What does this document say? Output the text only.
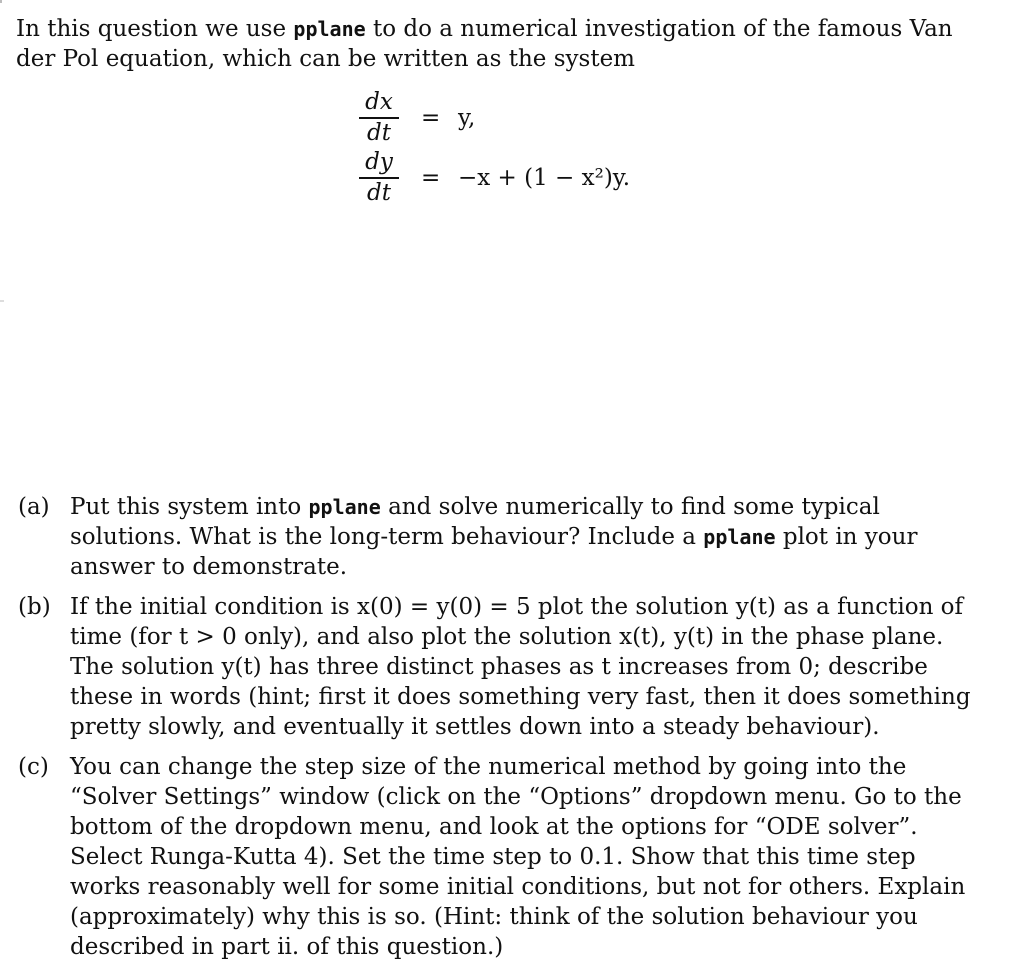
In this question we use pplane to do a numerical investigation of the famous Van der Pol equation, which can be written as the system

dx
dt
= y,
dy
dt
= −x + (1 − x²)y.
(a) Put this system into pplane and solve numerically to find some typical solutions. What is the long-term behaviour? Include a pplane plot in your answer to demonstrate.

(b) If the initial condition is x(0) = y(0) = 5 plot the solution y(t) as a function of time (for t > 0 only), and also plot the solution x(t), y(t) in the phase plane. The solution y(t) has three distinct phases as t increases from 0; describe these in words (hint; first it does something very fast, then it does something pretty slowly, and eventually it settles down into a steady behaviour).

(c) You can change the step size of the numerical method by going into the “Solver Settings” window (click on the “Options” dropdown menu. Go to the bottom of the dropdown menu, and look at the options for “ODE solver”. Select Runga-Kutta 4). Set the time step to 0.1. Show that this time step works reasonably well for some initial conditions, but not for others. Explain (approximately) why this is so. (Hint: think of the solution behaviour you described in part ii. of this question.)
